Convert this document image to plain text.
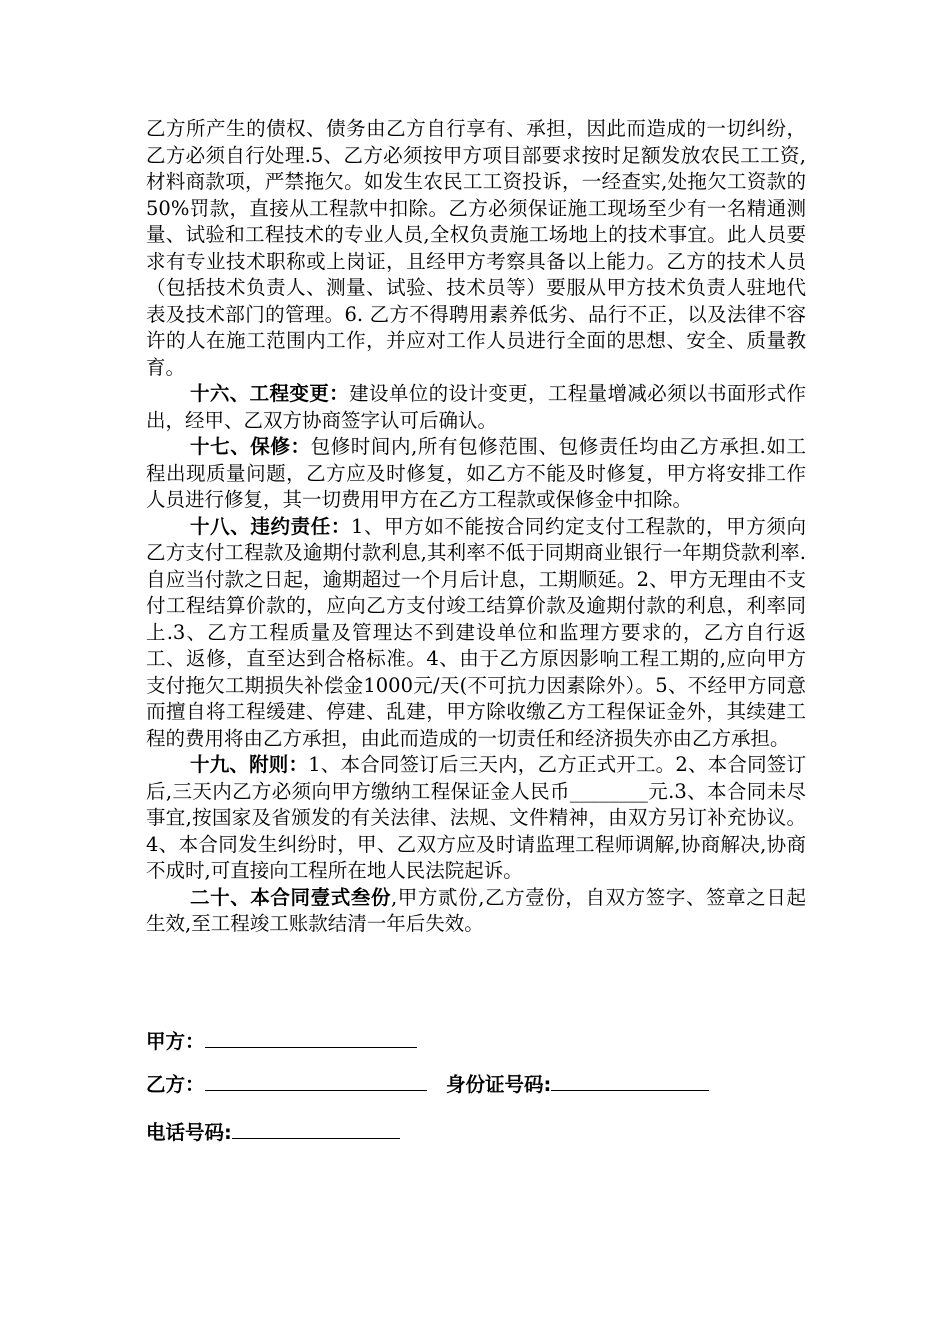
乙方所产生的债权、债务由乙方自行享有、承担，因此而造成的一切纠纷，乙方必须自行处理.5、乙方必须按甲方项目部要求按时足额发放农民工工资,材料商款项，严禁拖欠。如发生农民工工资投诉，一经查实,处拖欠工资款的50%罚款，直接从工程款中扣除。乙方必须保证施工现场至少有一名精通测量、试验和工程技术的专业人员,全权负责施工场地上的技术事宜。此人员要求有专业技术职称或上岗证，且经甲方考察具备以上能力。乙方的技术人员（包括技术负责人、测量、试验、技术员等）要服从甲方技术负责人驻地代表及技术部门的管理。6. 乙方不得聘用素养低劣、品行不正，以及法律不容许的人在施工范围内工作，并应对工作人员进行全面的思想、安全、质量教育。

十六、工程变更：建设单位的设计变更，工程量增减必须以书面形式作出，经甲、乙双方协商签字认可后确认。

十七、保修：包修时间内,所有包修范围、包修责任均由乙方承担.如工程出现质量问题，乙方应及时修复，如乙方不能及时修复，甲方将安排工作人员进行修复，其一切费用甲方在乙方工程款或保修金中扣除。

十八、违约责任：1、甲方如不能按合同约定支付工程款的，甲方须向乙方支付工程款及逾期付款利息,其利率不低于同期商业银行一年期贷款利率.自应当付款之日起，逾期超过一个月后计息，工期顺延。2、甲方无理由不支付工程结算价款的，应向乙方支付竣工结算价款及逾期付款的利息，利率同上.3、乙方工程质量及管理达不到建设单位和监理方要求的，乙方自行返工、返修，直至达到合格标准。4、由于乙方原因影响工程工期的,应向甲方支付拖欠工期损失补偿金1000元/天(不可抗力因素除外）。5、不经甲方同意而擅自将工程缓建、停建、乱建，甲方除收缴乙方工程保证金外，其续建工程的费用将由乙方承担，由此而造成的一切责任和经济损失亦由乙方承担。

十九、附则：1、本合同签订后三天内，乙方正式开工。2、本合同签订后,三天内乙方必须向甲方缴纳工程保证金人民币________元.3、本合同未尽事宜,按国家及省颁发的有关法律、法规、文件精神，由双方另订补充协议。4、本合同发生纠纷时，甲、乙双方应及时请监理工程师调解,协商解决,协商不成时,可直接向工程所在地人民法院起诉。

二十、本合同壹式叁份,甲方贰份,乙方壹份，自双方签字、签章之日起生效,至工程竣工账款结清一年后失效。

甲方：
乙方：	身份证号码:
电话号码:
